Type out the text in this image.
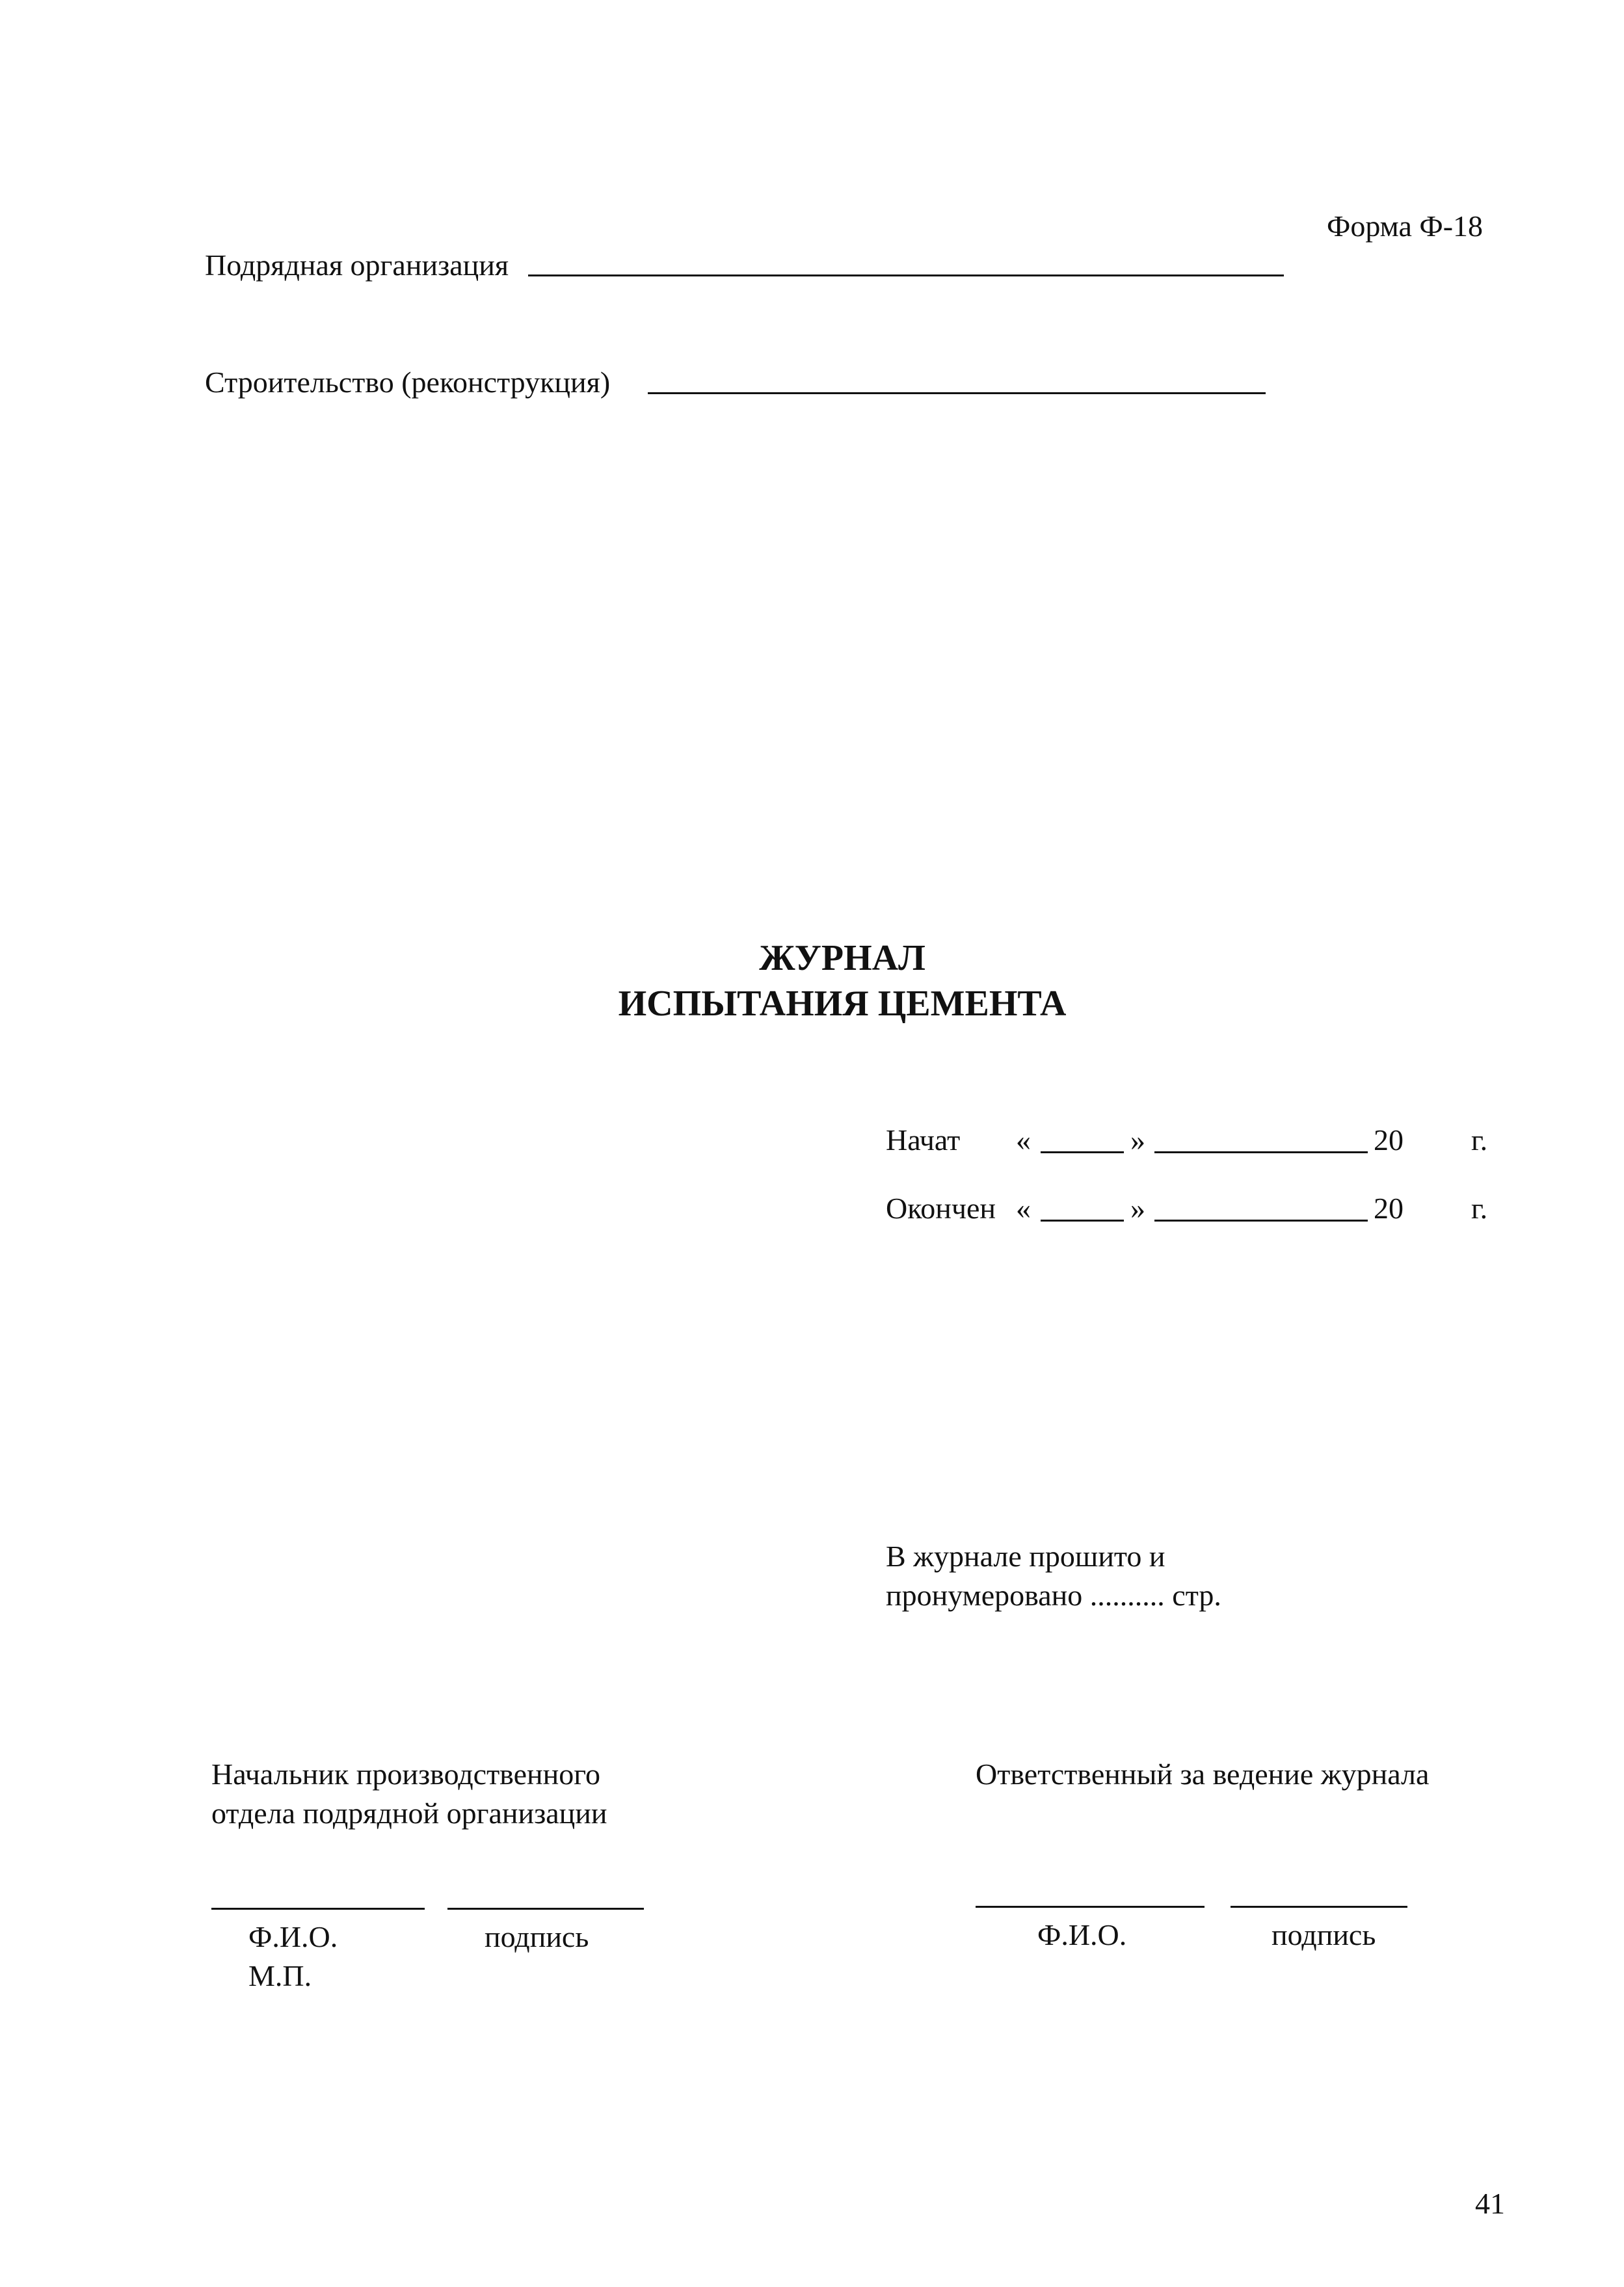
Форма Ф-18
Подрядная организация
Строительство (реконструкция)
ЖУРНАЛ
ИСПЫТАНИЯ ЦЕМЕНТА
Начат «	»	20 г.
Окончен «	»	20 г.
В журнале прошито и
пронумеровано .......... стр.
Начальник производственного
отдела подрядной организации
Ф.И.О.	подпись
М.П.
Ответственный за ведение журнала
Ф.И.О.	подпись
41
